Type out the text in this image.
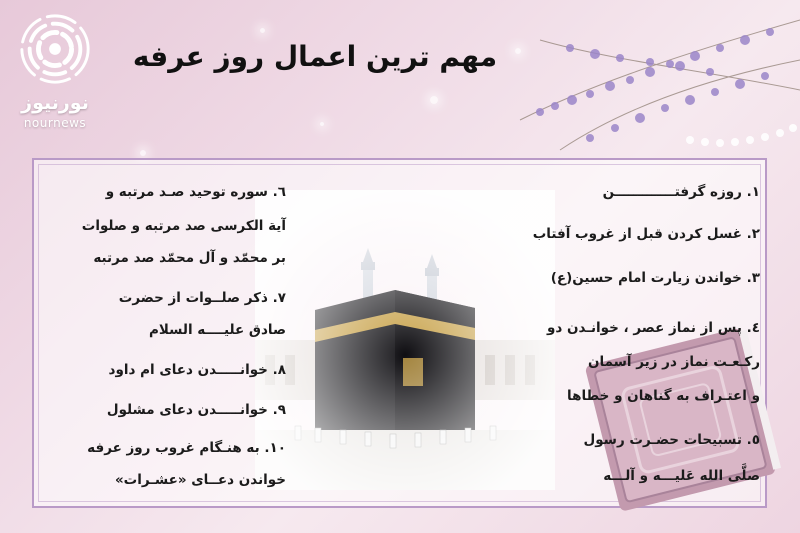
نورنیوز
nournews
مهم ترین اعمال روز عرفه
١. روزه گرفتـــــــــــــن
٢. غسل کردن قبل از غروب آفتاب
٣. خواندن زیارت امام حسین(ع)
٤. پس از نماز عصر ، خوانـدن دو
رکـعـت نماز در زیر آسمان
و اعتـراف به گناهان و خطاها
٥. تسبیحات حضـرت رسول
صلَّی الله عَلیـــه و آلـــه
٦. سوره توحید صـد مرتبه و
آیة الکرسی صد مرتبه و صلوات
بر محمّد و آل محمّد صد مرتبه
٧. ذکر صلــوات از حضرت
صادق علیــــه السلام
٨. خوانـــــدن دعای ام داود
٩. خوانـــــدن دعای مشلول
١٠. به هنـگام غروب روز عرفه
خواندن دعــای «عشـرات»
